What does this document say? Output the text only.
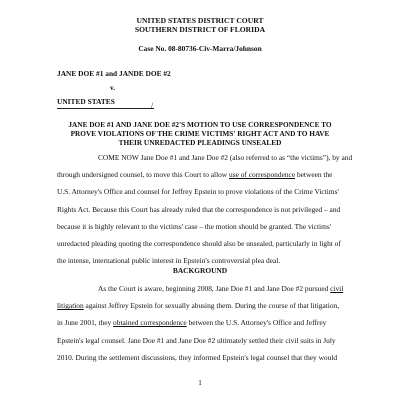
UNITED STATES DISTRICT COURT
SOUTHERN DISTRICT OF FLORIDA
Case No. 08-80736-Civ-Marra/Johnson
JANE DOE #1 and JANDE DOE #2
v.
UNITED STATES	/
JANE DOE #1 AND JANE DOE #2'S MOTION TO USE CORRESPONDENCE TO
PROVE VIOLATIONS OF THE CRIME VICTIMS' RIGHT ACT AND TO HAVE
THEIR UNREDACTED PLEADINGS UNSEALED
COME NOW Jane Doe #1 and Jane Doe #2 (also referred to as “the victims”), by and
through undersigned counsel, to move this Court to allow use of correspondence between the
U.S. Attorney's Office and counsel for Jeffrey Epstein to prove violations of the Crime Victims'
Rights Act. Because this Court has already ruled that the correspondence is not privileged – and
because it is highly relevant to the victims' case – the motion should be granted. The victims'
unredacted pleading quoting the correspondence should also be unsealed, particularly in light of
the intense, international public interest in Epstein's controversial plea deal.
BACKGROUND
As the Court is aware, beginning 2008, Jane Doe #1 and Jane Doe #2 pursued civil
litigation against Jeffrey Epstein for sexually abusing them. During the course of that litigation,
in June 2001, they obtained correspondence between the U.S. Attorney's Office and Jeffrey
Epstein's legal counsel. Jane Doe #1 and Jane Doe #2 ultimately settled their civil suits in July
2010. During the settlement discussions, they informed Epstein's legal counsel that they would
1
